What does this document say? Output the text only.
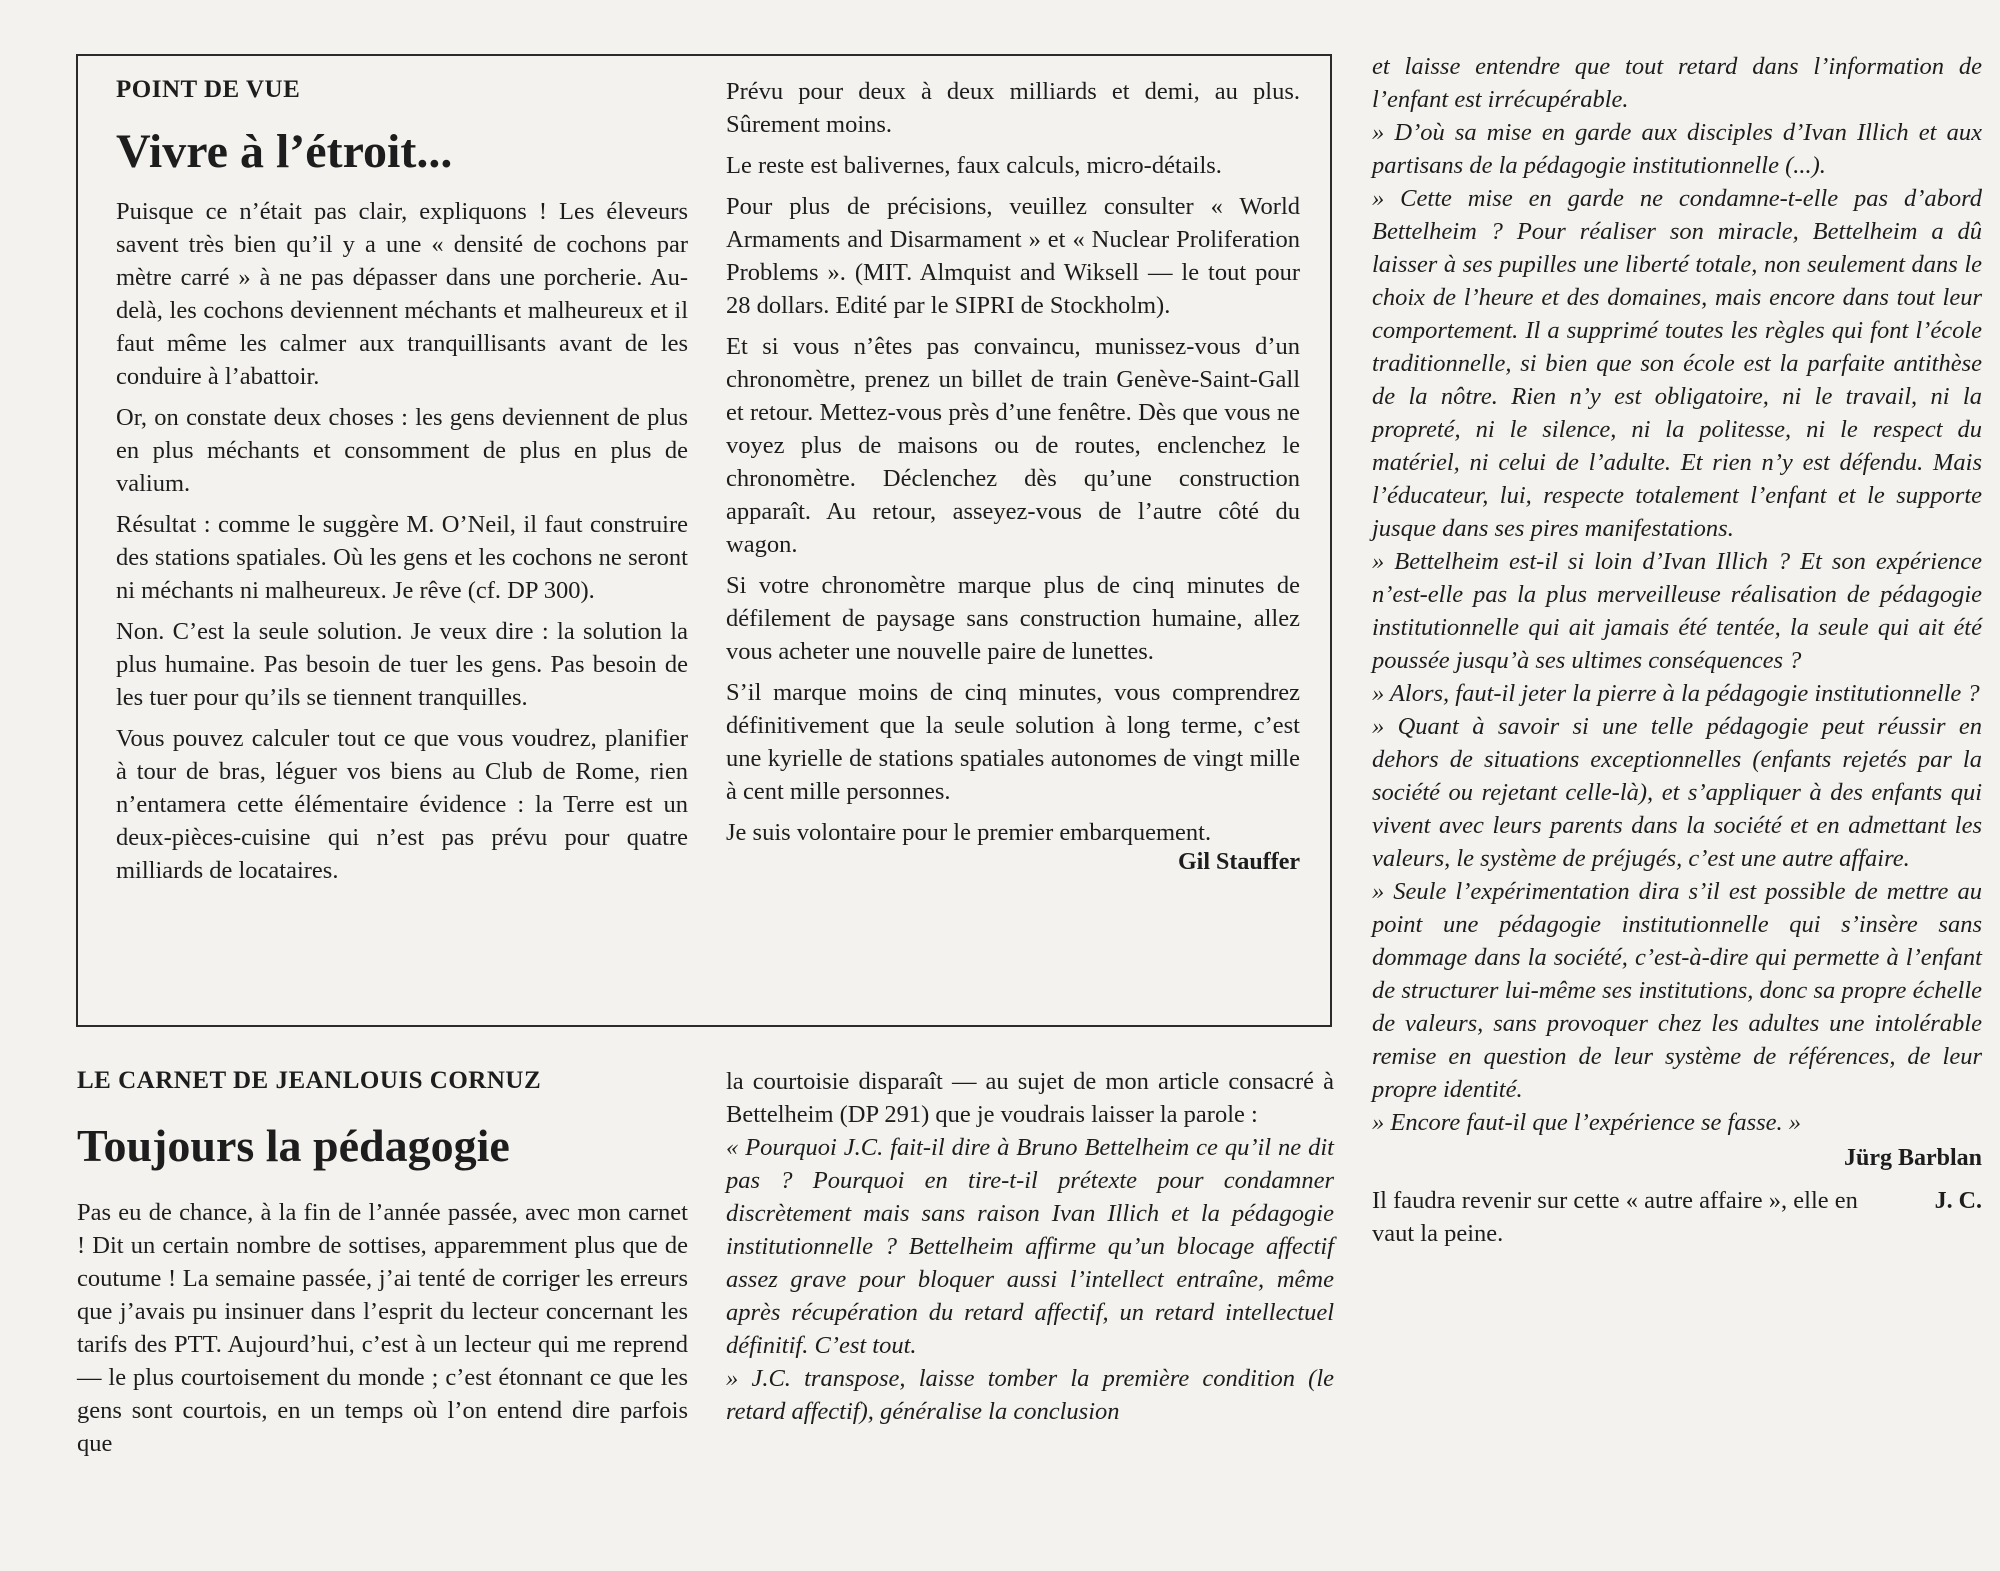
POINT DE VUE
Vivre à l’étroit...

Puisque ce n’était pas clair, expliquons ! Les éleveurs savent très bien qu’il y a une « densité de cochons par mètre carré » à ne pas dépasser dans une porcherie. Au-delà, les cochons deviennent méchants et malheureux et il faut même les calmer aux tranquillisants avant de les conduire à l’abattoir.

Or, on constate deux choses : les gens deviennent de plus en plus méchants et consomment de plus en plus de valium.

Résultat : comme le suggère M. O’Neil, il faut construire des stations spatiales. Où les gens et les cochons ne seront ni méchants ni malheureux. Je rêve (cf. DP 300).

Non. C’est la seule solution. Je veux dire : la solution la plus humaine. Pas besoin de tuer les gens. Pas besoin de les tuer pour qu’ils se tiennent tranquilles.

Vous pouvez calculer tout ce que vous voudrez, planifier à tour de bras, léguer vos biens au Club de Rome, rien n’entamera cette élémentaire évidence : la Terre est un deux-pièces-cuisine qui n’est pas prévu pour quatre milliards de locataires.

Prévu pour deux à deux milliards et demi, au plus. Sûrement moins.

Le reste est balivernes, faux calculs, micro-détails.

Pour plus de précisions, veuillez consulter « World Armaments and Disarmament » et « Nuclear Proliferation Problems ». (MIT. Almquist and Wiksell — le tout pour 28 dollars. Edité par le SIPRI de Stockholm).

Et si vous n’êtes pas convaincu, munissez-vous d’un chronomètre, prenez un billet de train Genève-Saint-Gall et retour. Mettez-vous près d’une fenêtre. Dès que vous ne voyez plus de maisons ou de routes, enclenchez le chronomètre. Déclenchez dès qu’une construction apparaît. Au retour, asseyez-vous de l’autre côté du wagon.

Si votre chronomètre marque plus de cinq minutes de défilement de paysage sans construction humaine, allez vous acheter une nouvelle paire de lunettes.

S’il marque moins de cinq minutes, vous comprendrez définitivement que la seule solution à long terme, c’est une kyrielle de stations spatiales autonomes de vingt mille à cent mille personnes.

Je suis volontaire pour le premier embarquement.

Gil Stauffer
LE CARNET DE JEANLOUIS CORNUZ
Toujours la pédagogie

Pas eu de chance, à la fin de l’année passée, avec mon carnet ! Dit un certain nombre de sottises, apparemment plus que de coutume ! La semaine passée, j’ai tenté de corriger les erreurs que j’avais pu insinuer dans l’esprit du lecteur concernant les tarifs des PTT. Aujourd’hui, c’est à un lecteur qui me reprend — le plus courtoisement du monde ; c’est étonnant ce que les gens sont courtois, en un temps où l’on entend dire parfois que

la courtoisie disparaît — au sujet de mon article consacré à Bettelheim (DP 291) que je voudrais laisser la parole :

« Pourquoi J.C. fait-il dire à Bruno Bettelheim ce qu’il ne dit pas ? Pourquoi en tire-t-il prétexte pour condamner discrètement mais sans raison Ivan Illich et la pédagogie institutionnelle ? Bettelheim affirme qu’un blocage affectif assez grave pour bloquer aussi l’intellect entraîne, même après récupération du retard affectif, un retard intellectuel définitif. C’est tout.

» J.C. transpose, laisse tomber la première condition (le retard affectif), généralise la conclusion

et laisse entendre que tout retard dans l’information de l’enfant est irrécupérable.

» D’où sa mise en garde aux disciples d’Ivan Illich et aux partisans de la pédagogie institutionnelle (...).

» Cette mise en garde ne condamne-t-elle pas d’abord Bettelheim ? Pour réaliser son miracle, Bettelheim a dû laisser à ses pupilles une liberté totale, non seulement dans le choix de l’heure et des domaines, mais encore dans tout leur comportement. Il a supprimé toutes les règles qui font l’école traditionnelle, si bien que son école est la parfaite antithèse de la nôtre. Rien n’y est obligatoire, ni le travail, ni la propreté, ni le silence, ni la politesse, ni le respect du matériel, ni celui de l’adulte. Et rien n’y est défendu. Mais l’éducateur, lui, respecte totalement l’enfant et le supporte jusque dans ses pires manifestations.

» Bettelheim est-il si loin d’Ivan Illich ? Et son expérience n’est-elle pas la plus merveilleuse réalisation de pédagogie institutionnelle qui ait jamais été tentée, la seule qui ait été poussée jusqu’à ses ultimes conséquences ?

» Alors, faut-il jeter la pierre à la pédagogie institutionnelle ?

» Quant à savoir si une telle pédagogie peut réussir en dehors de situations exceptionnelles (enfants rejetés par la société ou rejetant celle-là), et s’appliquer à des enfants qui vivent avec leurs parents dans la société et en admettant les valeurs, le système de préjugés, c’est une autre affaire.

» Seule l’expérimentation dira s’il est possible de mettre au point une pédagogie institutionnelle qui s’insère sans dommage dans la société, c’est-à-dire qui permette à l’enfant de structurer lui-même ses institutions, donc sa propre échelle de valeurs, sans provoquer chez les adultes une intolérable remise en question de leur système de références, de leur propre identité.

» Encore faut-il que l’expérience se fasse. »

Jürg Barblan

Il faudra revenir sur cette « autre affaire », elle en vaut la peine.

J. C.
